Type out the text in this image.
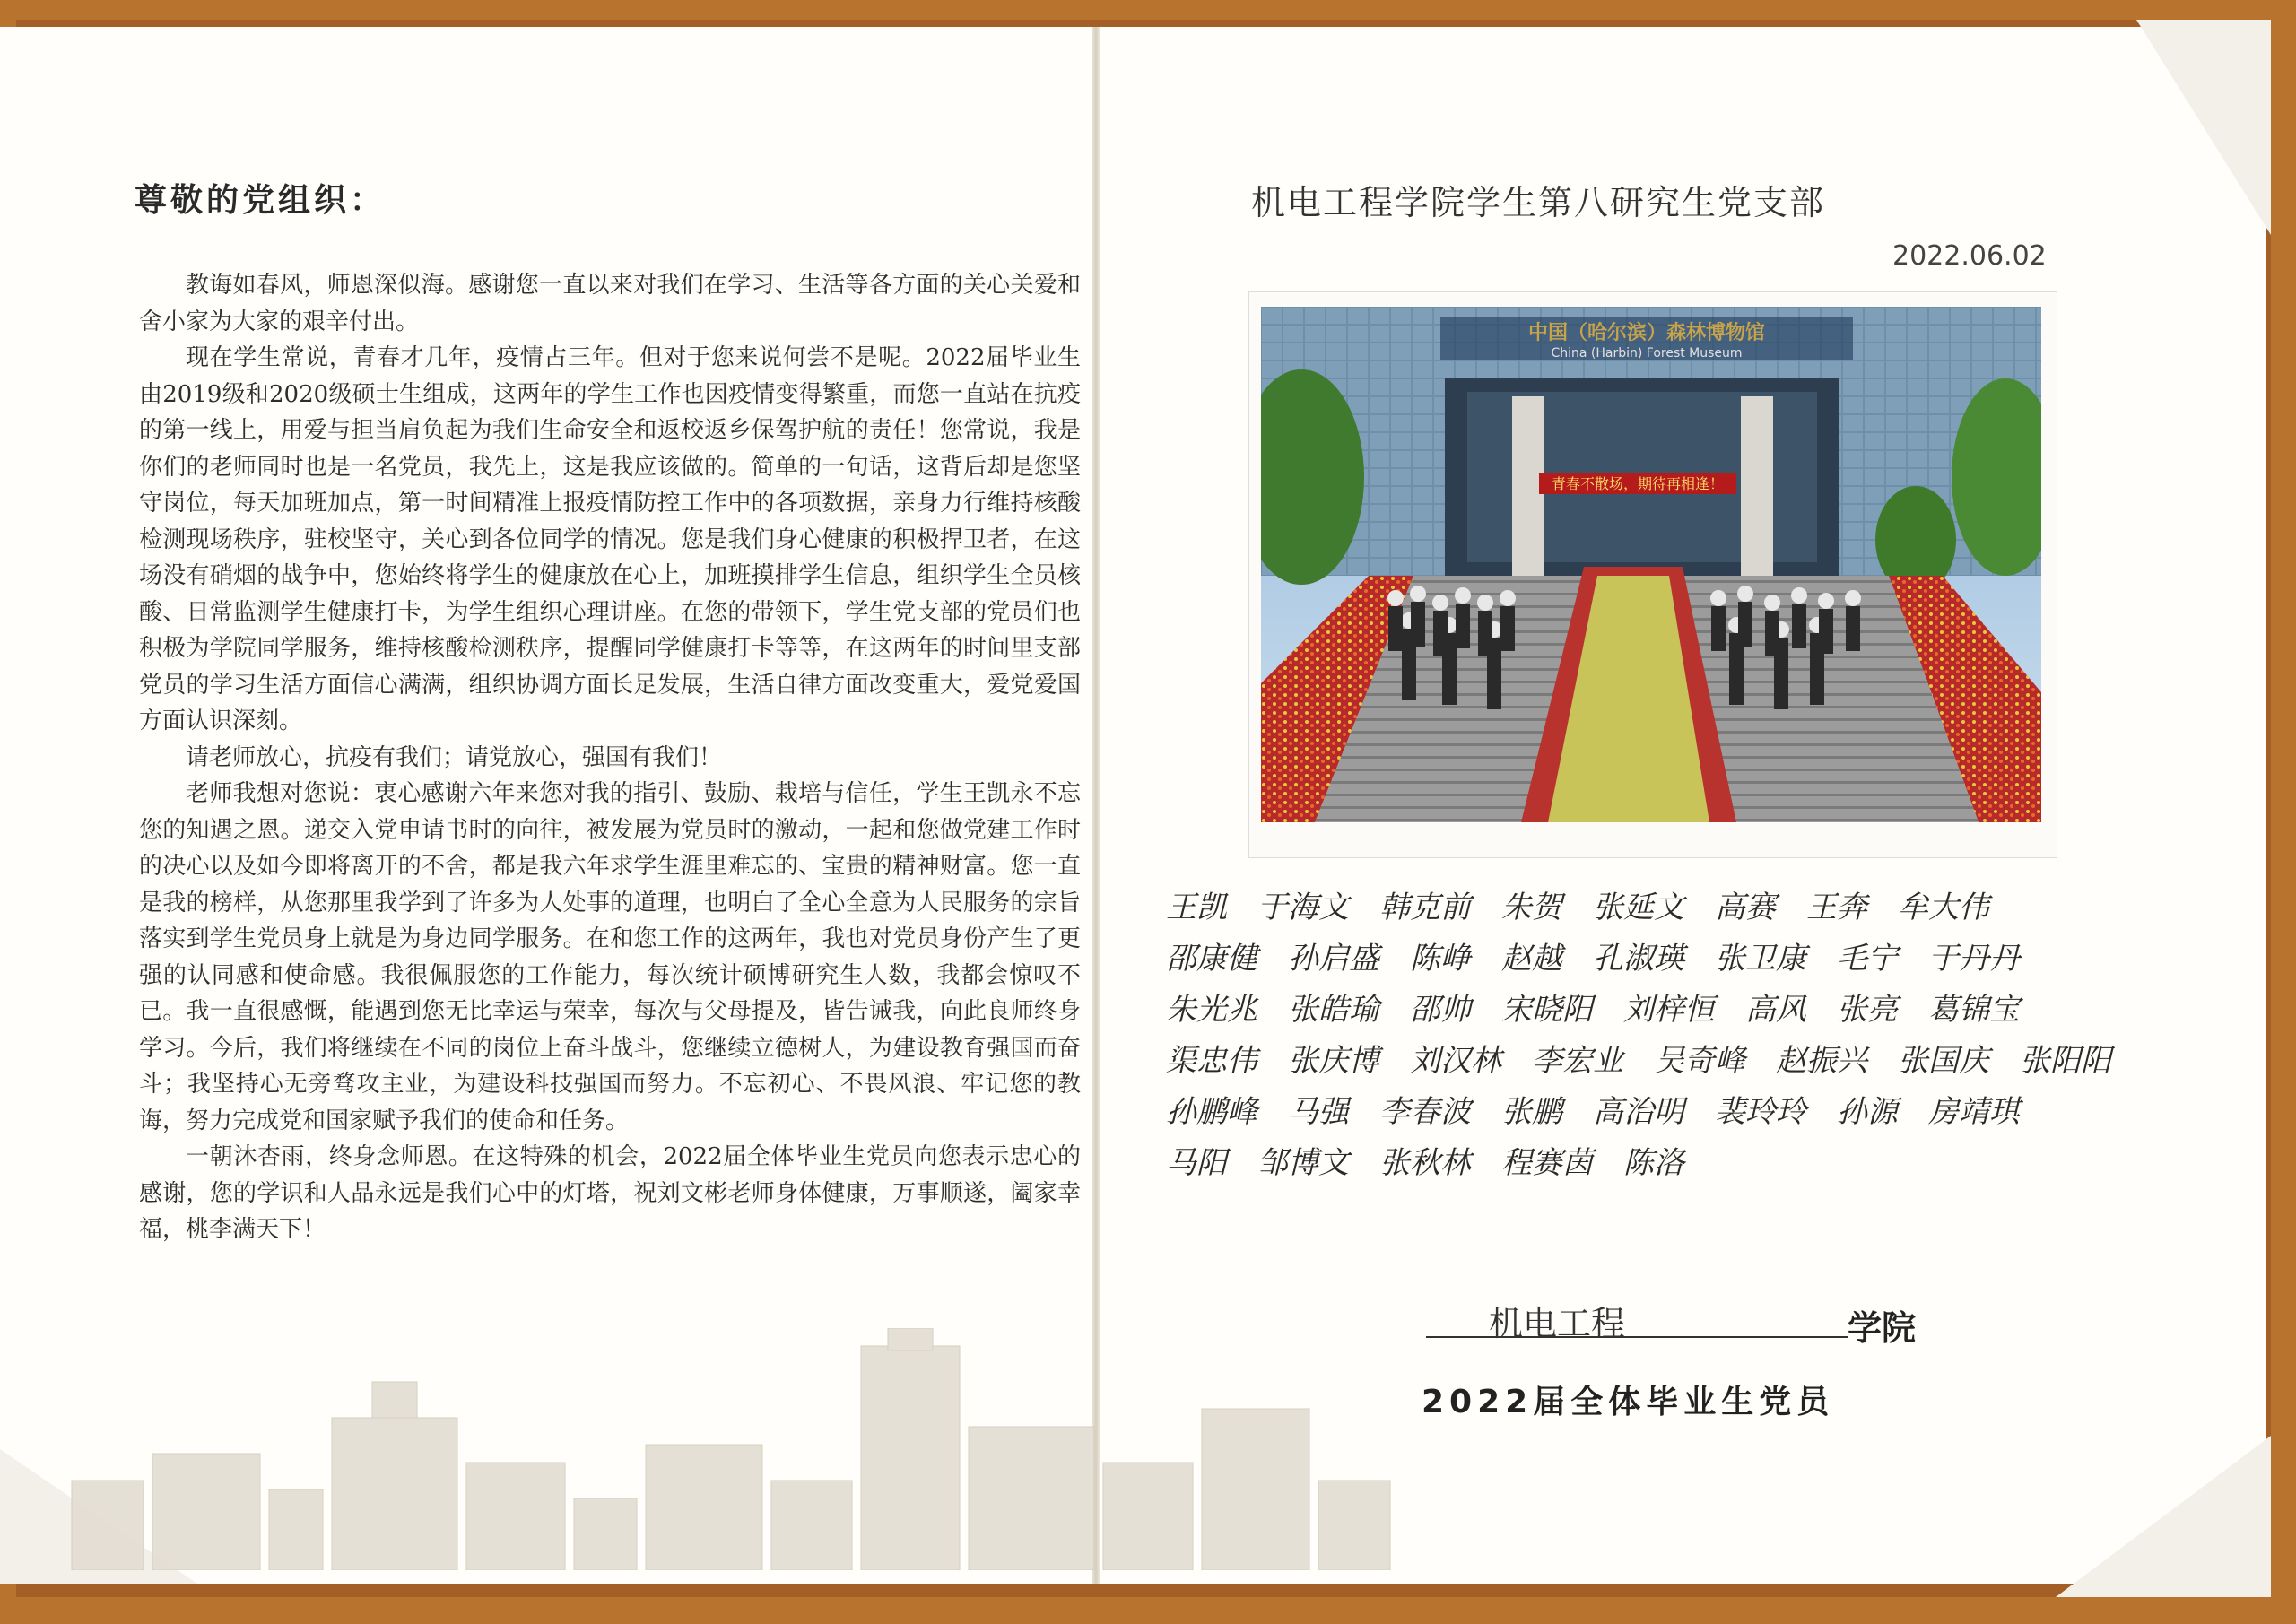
尊敬的党组织：

教诲如春风，师恩深似海。感谢您一直以来对我们在学习、生活等各方面的关心关爱和舍小家为大家的艰辛付出。

现在学生常说，青春才几年，疫情占三年。但对于您来说何尝不是呢。2022届毕业生由2019级和2020级硕士生组成，这两年的学生工作也因疫情变得繁重，而您一直站在抗疫的第一线上，用爱与担当肩负起为我们生命安全和返校返乡保驾护航的责任！您常说，我是你们的老师同时也是一名党员，我先上，这是我应该做的。简单的一句话，这背后却是您坚守岗位，每天加班加点，第一时间精准上报疫情防控工作中的各项数据，亲身力行维持核酸检测现场秩序，驻校坚守，关心到各位同学的情况。您是我们身心健康的积极捍卫者，在这场没有硝烟的战争中，您始终将学生的健康放在心上，加班摸排学生信息，组织学生全员核酸、日常监测学生健康打卡，为学生组织心理讲座。在您的带领下，学生党支部的党员们也积极为学院同学服务，维持核酸检测秩序，提醒同学健康打卡等等，在这两年的时间里支部党员的学习生活方面信心满满，组织协调方面长足发展，生活自律方面改变重大，爱党爱国方面认识深刻。

请老师放心，抗疫有我们；请党放心，强国有我们！

老师我想对您说：衷心感谢六年来您对我的指引、鼓励、栽培与信任，学生王凯永不忘您的知遇之恩。递交入党申请书时的向往，被发展为党员时的激动，一起和您做党建工作时的决心以及如今即将离开的不舍，都是我六年求学生涯里难忘的、宝贵的精神财富。您一直是我的榜样，从您那里我学到了许多为人处事的道理，也明白了全心全意为人民服务的宗旨落实到学生党员身上就是为身边同学服务。在和您工作的这两年，我也对党员身份产生了更强的认同感和使命感。我很佩服您的工作能力，每次统计硕博研究生人数，我都会惊叹不已。我一直很感慨，能遇到您无比幸运与荣幸，每次与父母提及，皆告诫我，向此良师终身学习。今后，我们将继续在不同的岗位上奋斗战斗，您继续立德树人，为建设教育强国而奋斗；我坚持心无旁骛攻主业，为建设科技强国而努力。不忘初心、不畏风浪、牢记您的教诲，努力完成党和国家赋予我们的使命和任务。

一朝沐杏雨，终身念师恩。在这特殊的机会，2022届全体毕业生党员向您表示忠心的感谢，您的学识和人品永远是我们心中的灯塔，祝刘文彬老师身体健康，万事顺遂，阖家幸福，桃李满天下！

机电工程学院学生第八研究生党支部
2022.06.02
青春不散场，期待再相逢！
中国（哈尔滨）森林博物馆
China (Harbin) Forest Museum
王凯 于海文 韩克前 朱贺 张延文 高赛 王奔 牟大伟
邵康健 孙启盛 陈峥 赵越 孔淑瑛 张卫康 毛宁 于丹丹
朱光兆 张皓瑜 邵帅 宋晓阳 刘梓恒 高风 张亮 葛锦宝
渠忠伟 张庆博 刘汉林 李宏业 吴奇峰 赵振兴 张国庆 张阳阳
孙鹏峰 马强 李春波 张鹏 高治明 裴玲玲 孙源 房靖琪
马阳 邹博文 张秋林 程赛茵 陈洛
机电工程	学院
2022届全体毕业生党员
